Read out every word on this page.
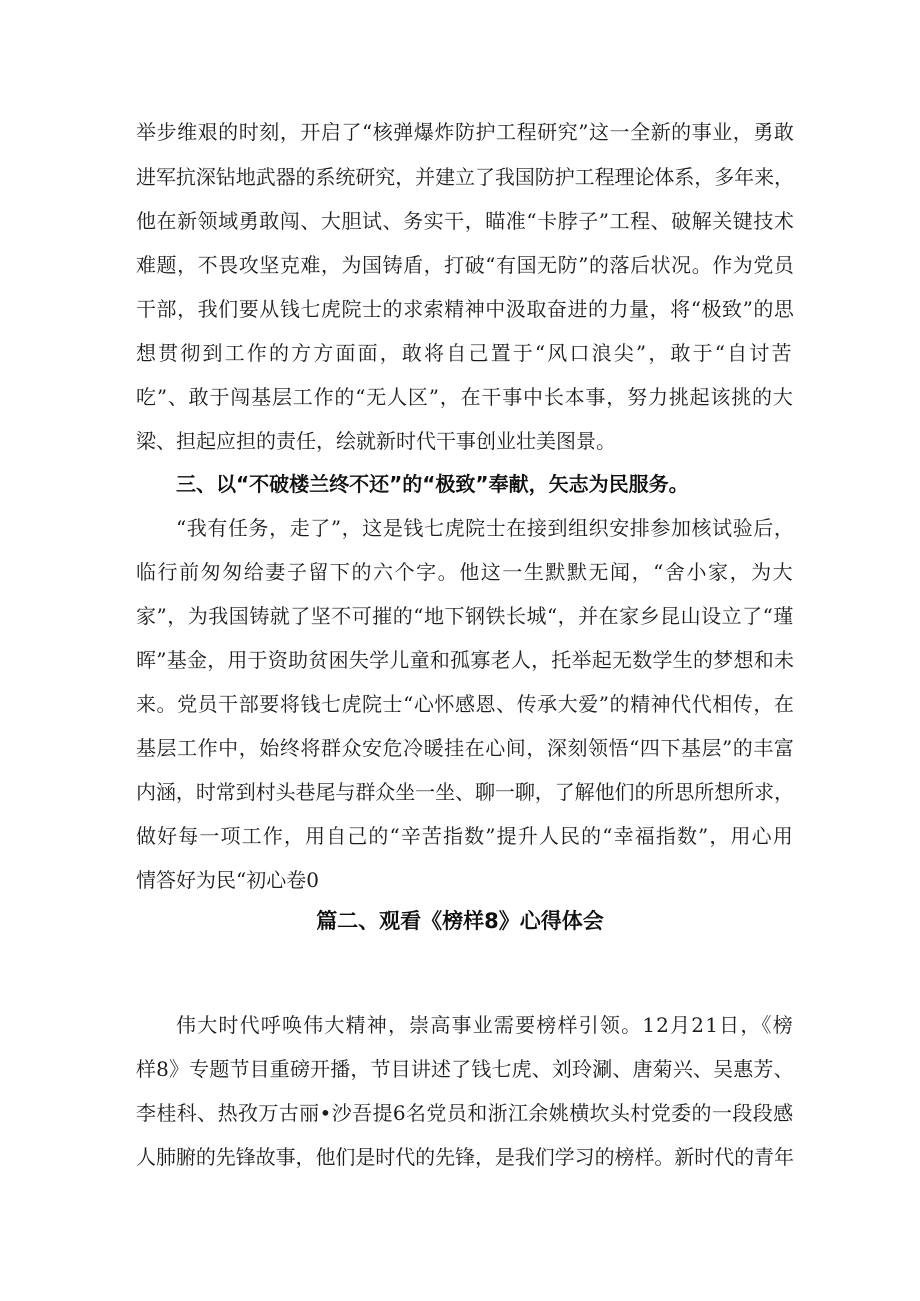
举步维艰的时刻，开启了“核弹爆炸防护工程研究”这一全新的事业，勇敢

进军抗深钻地武器的系统研究，并建立了我国防护工程理论体系，多年来，

他在新领域勇敢闯、大胆试、务实干，瞄准“卡脖子”工程、破解关键技术

难题，不畏攻坚克难，为国铸盾，打破“有国无防”的落后状况。作为党员

干部，我们要从钱七虎院士的求索精神中汲取奋进的力量，将“极致”的思

想贯彻到工作的方方面面，敢将自己置于“风口浪尖”，敢于“自讨苦

吃”、敢于闯基层工作的“无人区”，在干事中长本事，努力挑起该挑的大

梁、担起应担的责任，绘就新时代干事创业壮美图景。

三、以“不破楼兰终不还”的“极致”奉献，矢志为民服务。

“我有任务，走了”，这是钱七虎院士在接到组织安排参加核试验后，

临行前匆匆给妻子留下的六个字。他这一生默默无闻，“舍小家，为大

家”，为我国铸就了坚不可摧的“地下钢铁长城“，并在家乡昆山设立了“瑾

晖”基金，用于资助贫困失学儿童和孤寡老人，托举起无数学生的梦想和未

来。党员干部要将钱七虎院士“心怀感恩、传承大爱”的精神代代相传，在

基层工作中，始终将群众安危冷暖挂在心间，深刻领悟“四下基层”的丰富

内涵，时常到村头巷尾与群众坐一坐、聊一聊，了解他们的所思所想所求，

做好每一项工作，用自己的“辛苦指数”提升人民的“幸福指数”，用心用

情答好为民“初心卷0

篇二、观看《榜样8》心得体会

伟大时代呼唤伟大精神，崇高事业需要榜样引领。12月21日，《榜

样8》专题节目重磅开播，节目讲述了钱七虎、刘玲涮、唐菊兴、吴惠芳、

李桂科、热孜万古丽•沙吾提6名党员和浙江余姚横坎头村党委的一段段感

人肺腑的先锋故事，他们是时代的先锋，是我们学习的榜样。新时代的青年
